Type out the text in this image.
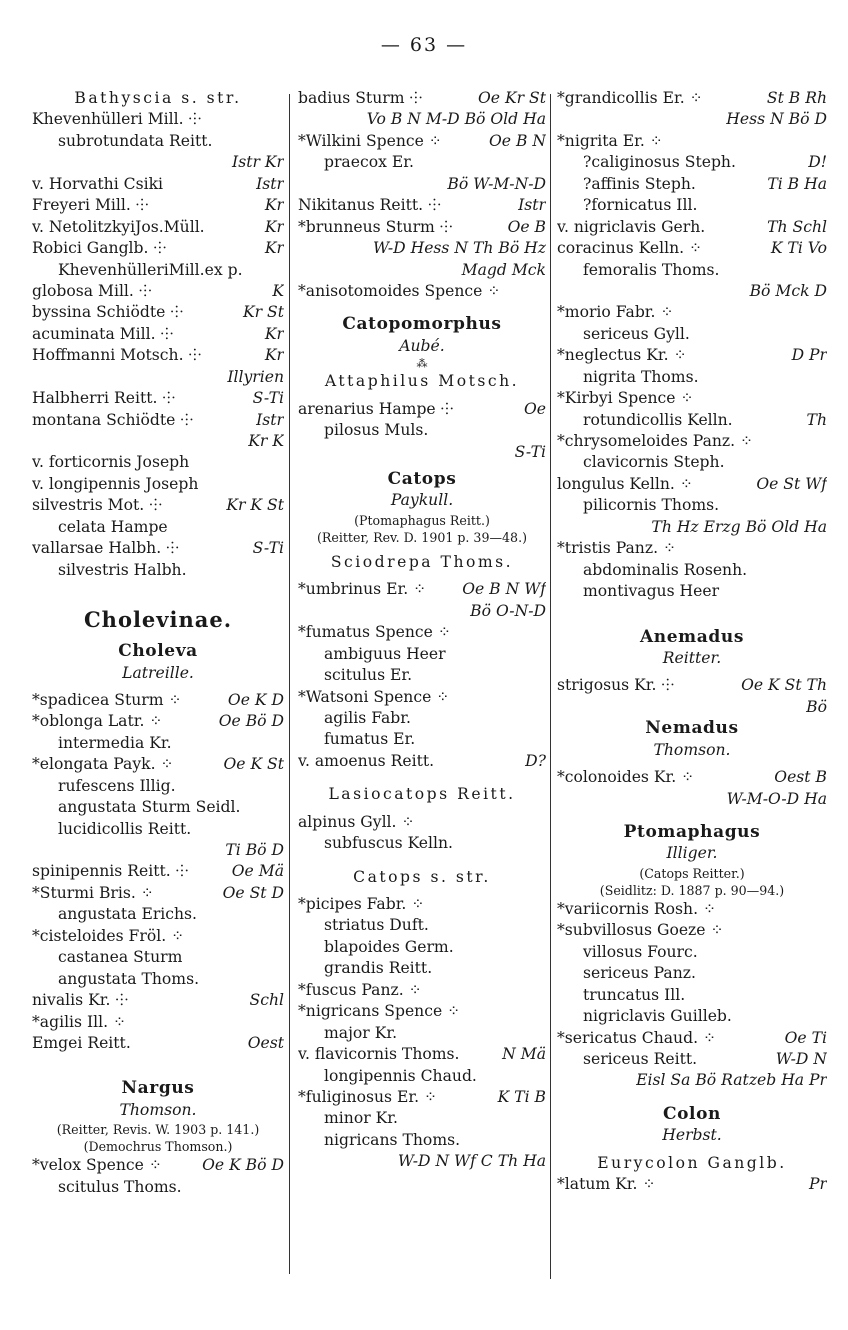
— 63 —
Bathyscia s. str.
Khevenhülleri Mill. ⸭
subrotundata Reitt.
Istr Kr
v. Horvathi Csiki	Istr
Freyeri Mill. ⸭	Kr
v. NetolitzkyiJos.Müll.	Kr
Robici Ganglb. ⸭	Kr
KhevenhülleriMill.ex p.
globosa Mill. ⸭	K
byssina Schiödte ⸭	Kr St
acuminata Mill. ⸭	Kr
Hoffmanni Motsch. ⸭	Kr
Illyrien
Halbherri Reitt. ⸭	S-Ti
montana Schiödte ⸭	Istr
Kr K
v. forticornis Joseph
v. longipennis Joseph
silvestris Mot. ⸭	Kr K St
celata Hampe
vallarsae Halbh. ⸭	S-Ti
silvestris Halbh.
Cholevinae.
Choleva
Latreille.
*spadicea Sturm ⁘	Oe K D
*oblonga Latr. ⁘	Oe Bö D
intermedia Kr.
*elongata Payk. ⁘	Oe K St
rufescens Illig.
angustata Sturm Seidl.
lucidicollis Reitt.
Ti Bö D
spinipennis Reitt. ⸭	Oe Mä
*Sturmi Bris. ⁘	Oe St D
angustata Erichs.
*cisteloides Fröl. ⁘
castanea Sturm
angustata Thoms.
nivalis Kr. ⸭	Schl
*agilis Ill. ⁘
Emgei Reitt.	Oest
Nargus
Thomson.
(Reitter, Revis. W. 1903 p. 141.)
(Demochrus Thomson.)
*velox Spence ⁘	Oe K Bö D
scitulus Thoms.
badius Sturm ⸭	Oe Kr St
Vo B N M-D Bö Old Ha
*Wilkini Spence ⁘	Oe B N
praecox Er.
Bö W-M-N-D
Nikitanus Reitt. ⸭	Istr
*brunneus Sturm ⸭	Oe B
W-D Hess N Th Bö Hz
Magd Mck
*anisotomoides Spence ⁘
Catopomorphus
Aubé.
⁂
Attaphilus Motsch.
arenarius Hampe ⸭	Oe
pilosus Muls.
S-Ti
Catops
Paykull.
(Ptomaphagus Reitt.)
(Reitter, Rev. D. 1901 p. 39—48.)
Sciodrepa Thoms.
*umbrinus Er. ⁘ Oe B N Wf
Bö O-N-D
*fumatus Spence ⁘
ambiguus Heer
scitulus Er.
*Watsoni Spence ⁘
agilis Fabr.
fumatus Er.
v. amoenus Reitt.	D?
Lasiocatops Reitt.
alpinus Gyll. ⁘
subfuscus Kelln.
Catops s. str.
*picipes Fabr. ⁘
striatus Duft.
blapoides Germ.
grandis Reitt.
*fuscus Panz. ⁘
*nigricans Spence ⁘
major Kr.
v. flavicornis Thoms.	N Mä
longipennis Chaud.
*fuliginosus Er. ⁘	K Ti B
minor Kr.
nigricans Thoms.
W-D N Wf C Th Ha
*grandicollis Er. ⁘	St B Rh
Hess N Bö D
*nigrita Er. ⁘
?caliginosus Steph.	D!
?affinis Steph.	Ti B Ha
?fornicatus Ill.
v. nigriclavis Gerh.	Th Schl
coracinus Kelln. ⁘	K Ti Vo
femoralis Thoms.
Bö Mck D
*morio Fabr. ⁘
sericeus Gyll.
*neglectus Kr. ⁘	D Pr
nigrita Thoms.
*Kirbyi Spence ⁘
rotundicollis Kelln.	Th
*chrysomeloides Panz. ⁘
clavicornis Steph.
longulus Kelln. ⁘	Oe St Wf
pilicornis Thoms.
Th Hz Erzg Bö Old Ha
*tristis Panz. ⁘
abdominalis Rosenh.
montivagus Heer
Anemadus
Reitter.
strigosus Kr. ⸭	Oe K St Th
Bö
Nemadus
Thomson.
*colonoides Kr. ⁘	Oest B
W-M-O-D Ha
Ptomaphagus
Illiger.
(Catops Reitter.)
(Seidlitz: D. 1887 p. 90—94.)
*variicornis Rosh. ⁘
*subvillosus Goeze ⁘
villosus Fourc.
sericeus Panz.
truncatus Ill.
nigriclavis Guilleb.
*sericatus Chaud. ⁘	Oe Ti
sericeus Reitt.	W-D N
Eisl Sa Bö Ratzeb Ha Pr
Colon
Herbst.
Eurycolon Ganglb.
*latum Kr. ⁘	Pr
